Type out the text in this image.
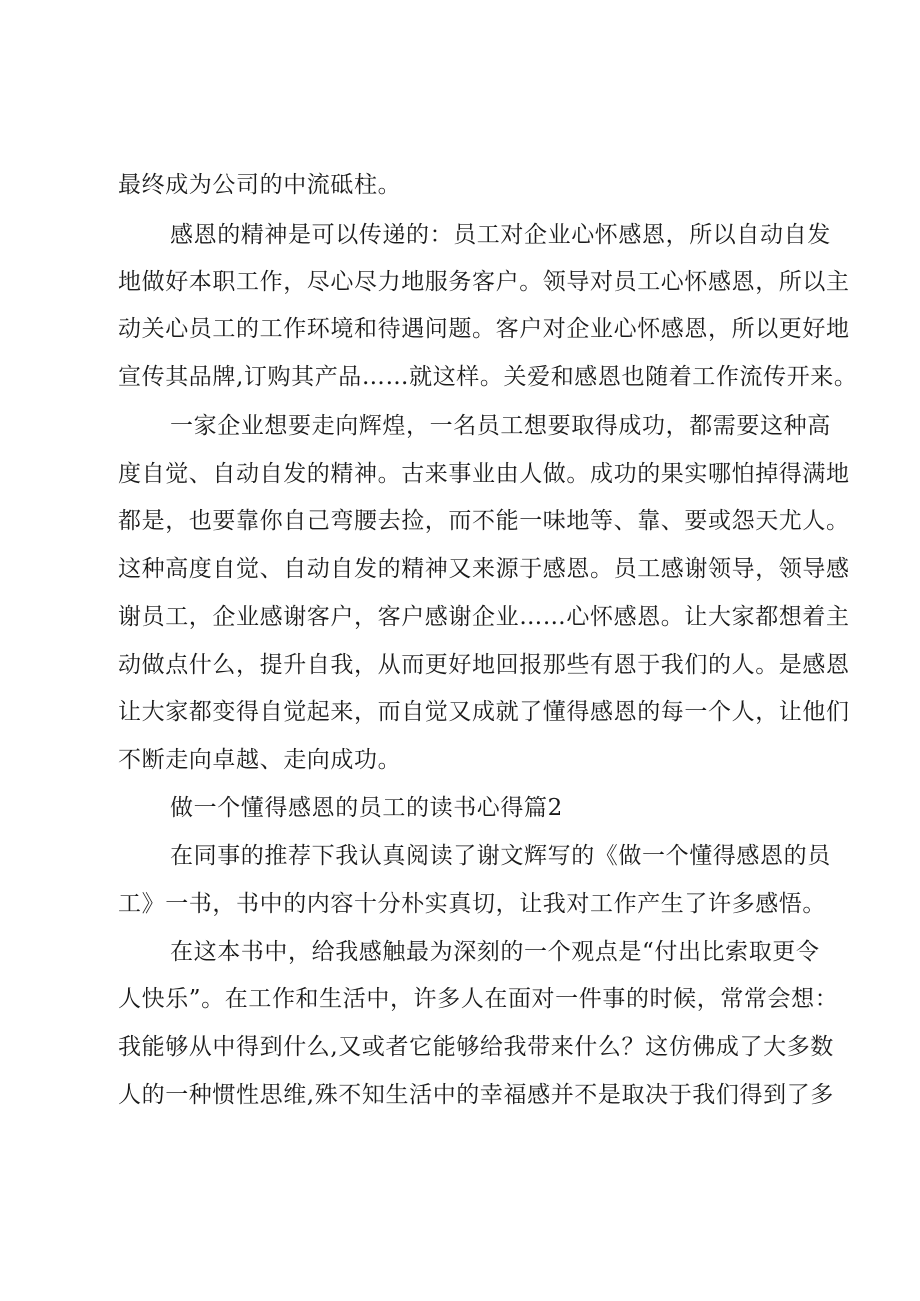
最终成为公司的中流砥柱。
感恩的精神是可以传递的：员工对企业心怀感恩，所以自动自发
地做好本职工作，尽心尽力地服务客户。领导对员工心怀感恩，所以主
动关心员工的工作环境和待遇问题。客户对企业心怀感恩，所以更好地
宣传其品牌,订购其产品……就这样。关爱和感恩也随着工作流传开来。
一家企业想要走向辉煌，一名员工想要取得成功，都需要这种高
度自觉、自动自发的精神。古来事业由人做。成功的果实哪怕掉得满地
都是，也要靠你自己弯腰去捡，而不能一味地等、靠、要或怨天尤人。
这种高度自觉、自动自发的精神又来源于感恩。员工感谢领导，领导感
谢员工，企业感谢客户，客户感谢企业……心怀感恩。让大家都想着主
动做点什么，提升自我，从而更好地回报那些有恩于我们的人。是感恩
让大家都变得自觉起来，而自觉又成就了懂得感恩的每一个人，让他们
不断走向卓越、走向成功。
做一个懂得感恩的员工的读书心得篇2
在同事的推荐下我认真阅读了谢文辉写的《做一个懂得感恩的员
工》一书，书中的内容十分朴实真切，让我对工作产生了许多感悟。
在这本书中，给我感触最为深刻的一个观点是“付出比索取更令
人快乐”。在工作和生活中，许多人在面对一件事的时候，常常会想：
我能够从中得到什么,又或者它能够给我带来什么？这仿佛成了大多数
人的一种惯性思维,殊不知生活中的幸福感并不是取决于我们得到了多
